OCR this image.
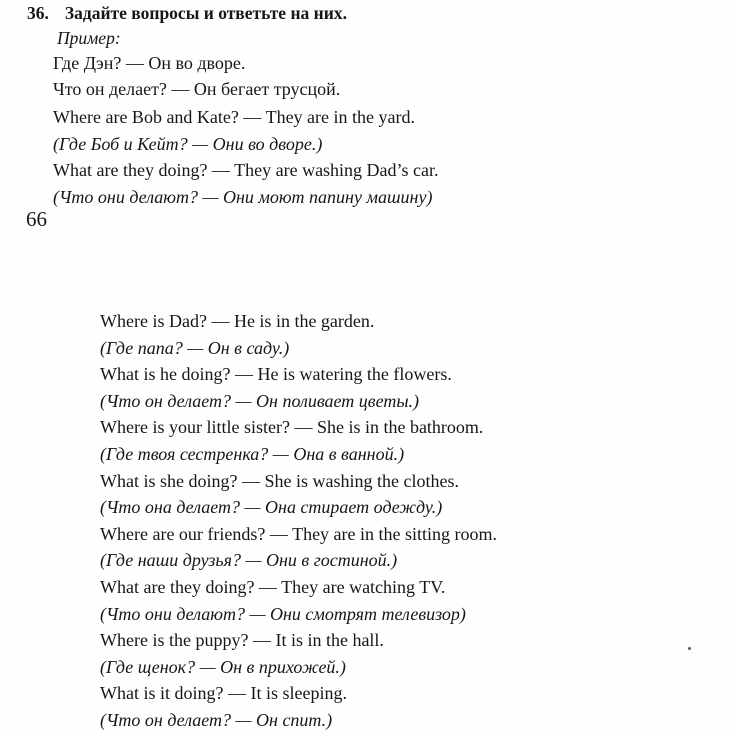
36. Задайте вопросы и ответьте на них.
Пример:
Где Дэн? — Он во дворе.
Что он делает? — Он бегает трусцой.
Where are Bob and Kate? — They are in the yard.
(Где Боб и Кейт? — Они во дворе.)
What are they doing? — They are washing Dad’s car.
(Что они делают? — Они моют папину машину)
66
Where is Dad? — He is in the garden.
(Где папа? — Он в саду.)
What is he doing? — He is watering the flowers.
(Что он делает? — Он поливает цветы.)
Where is your little sister? — She is in the bathroom.
(Где твоя сестренка? — Она в ванной.)
What is she doing? — She is washing the clothes.
(Что она делает? — Она стирает одежду.)
Where are our friends? — They are in the sitting room.
(Где наши друзья? — Они в гостиной.)
What are they doing? — They are watching TV.
(Что они делают? — Они смотрят телевизор)
Where is the puppy? — It is in the hall.
(Где щенок? — Он в прихожей.)
What is it doing? — It is sleeping.
(Что он делает? — Он спит.)
